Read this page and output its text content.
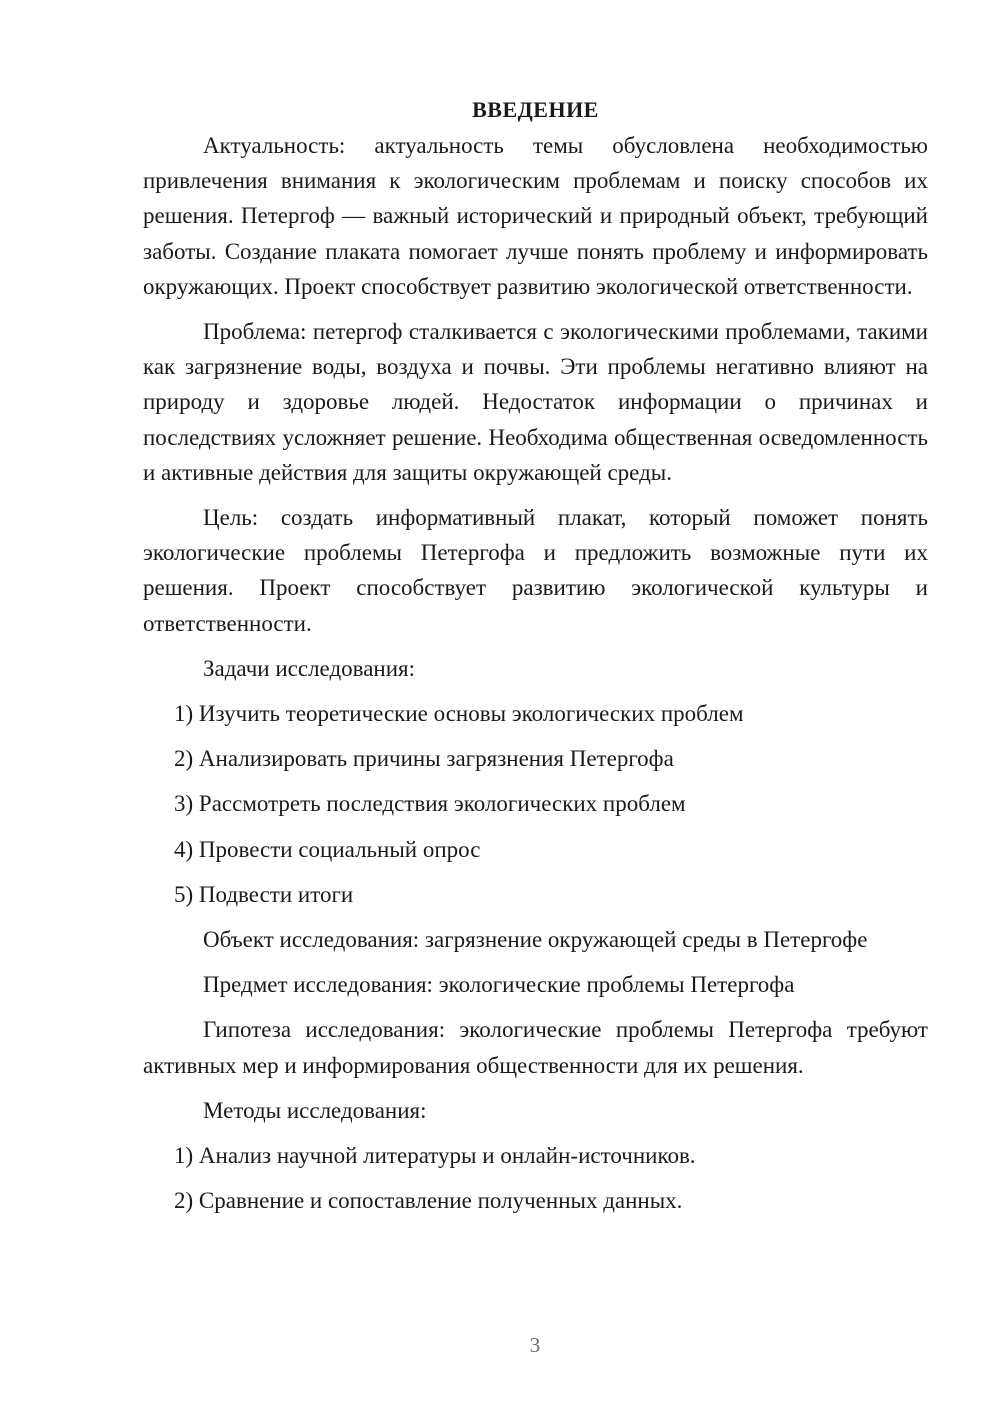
ВВЕДЕНИЕ

Актуальность: актуальность темы обусловлена необходимостью привлечения внимания к экологическим проблемам и поиску способов их решения. Петергоф — важный исторический и природный объект, требующий заботы. Создание плаката помогает лучше понять проблему и информировать окружающих. Проект способствует развитию экологической ответственности.

Проблема: петергоф сталкивается с экологическими проблемами, такими как загрязнение воды, воздуха и почвы. Эти проблемы негативно влияют на природу и здоровье людей. Недостаток информации о причинах и последствиях усложняет решение. Необходима общественная осведомленность и активные действия для защиты окружающей среды.

Цель: создать информативный плакат, который поможет понять экологические проблемы Петергофа и предложить возможные пути их решения. Проект способствует развитию экологической культуры и ответственности.

Задачи исследования:

1) Изучить теоретические основы экологических проблем

2) Анализировать причины загрязнения Петергофа

3) Рассмотреть последствия экологических проблем

4) Провести социальный опрос

5) Подвести итоги

Объект исследования: загрязнение окружающей среды в Петергофе

Предмет исследования: экологические проблемы Петергофа

Гипотеза исследования: экологические проблемы Петергофа требуют активных мер и информирования общественности для их решения.

Методы исследования:

1) Анализ научной литературы и онлайн-источников.

2) Сравнение и сопоставление полученных данных.

3
